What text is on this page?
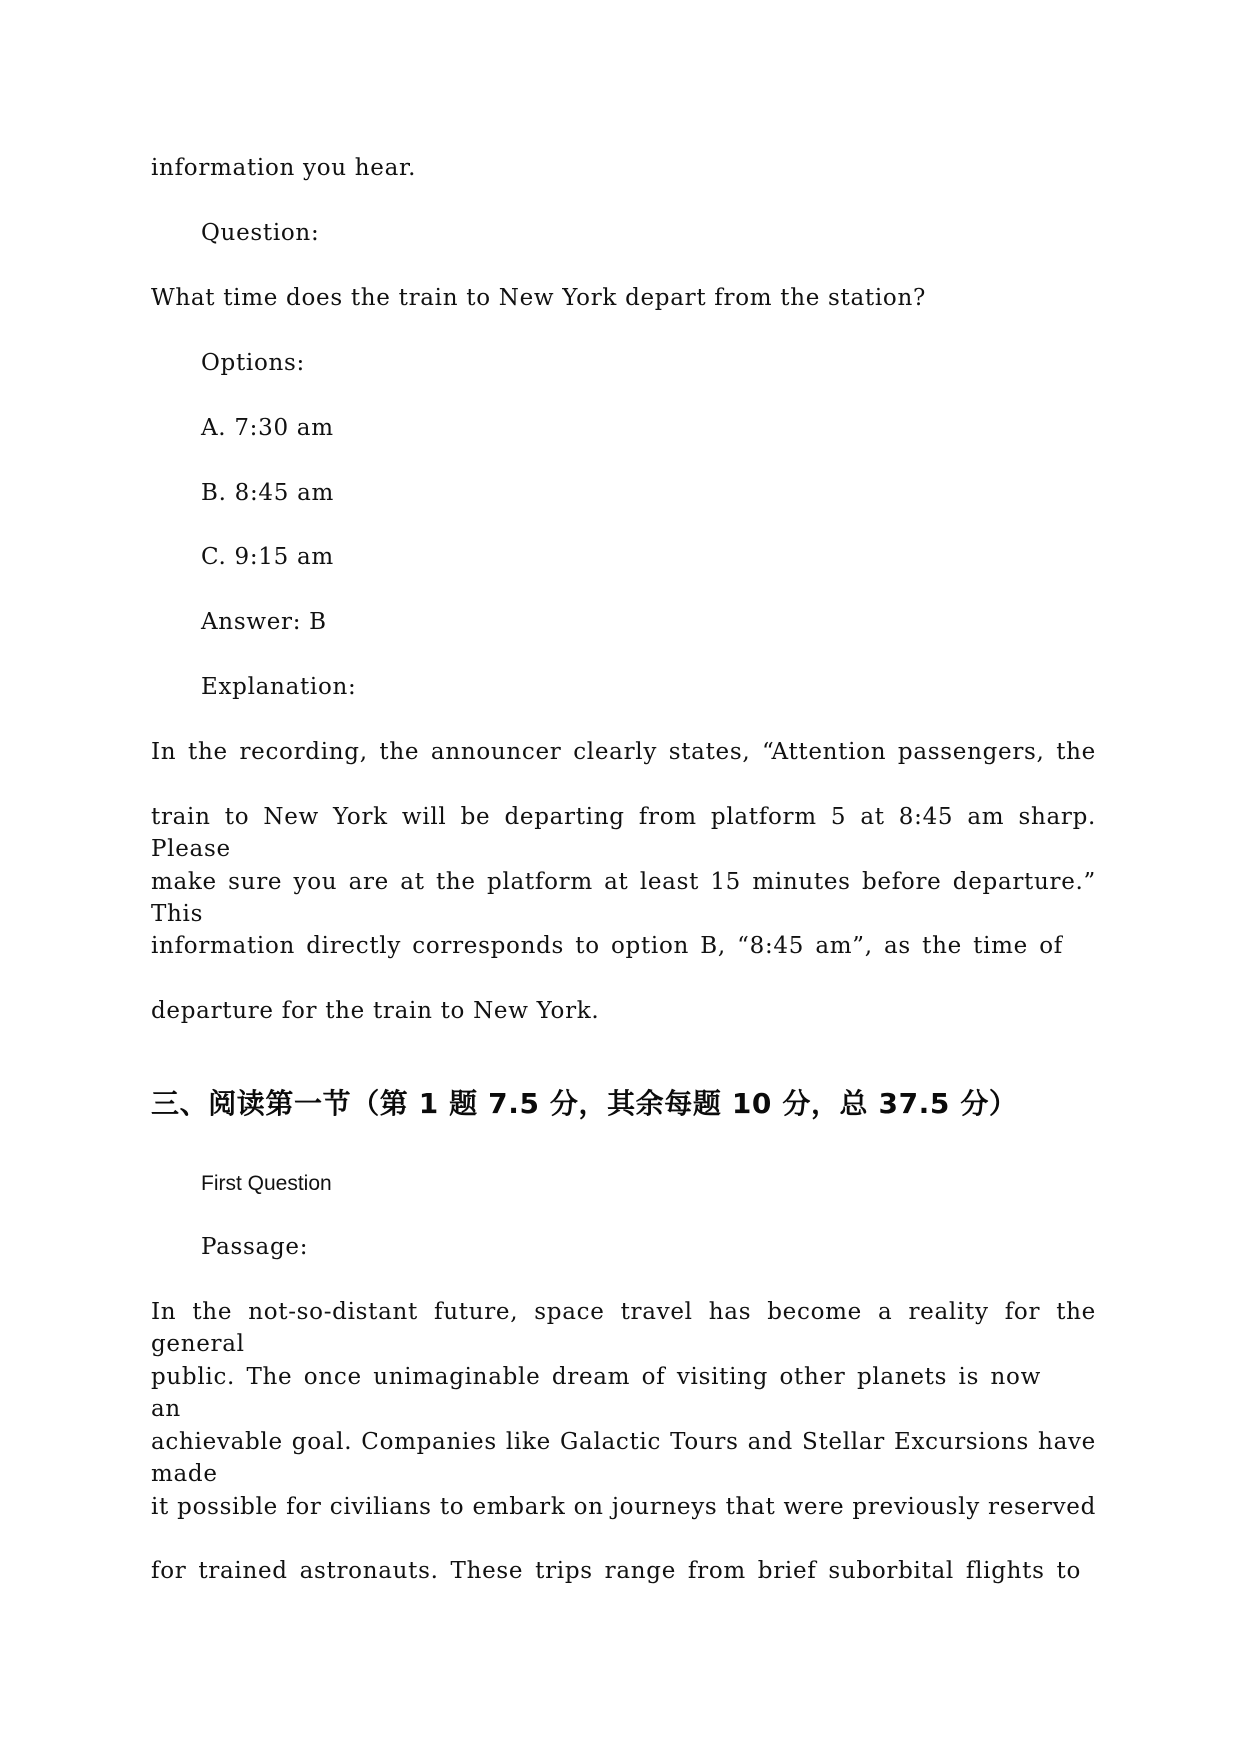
information you hear.
Question:
What time does the train to New York depart from the station?
Options:
A. 7:30 am
B. 8:45 am
C. 9:15 am
Answer: B
Explanation:
In the recording, the announcer clearly states, “Attention passengers, the
train to New York will be departing from platform 5 at 8:45 am sharp. Please
make sure you are at the platform at least 15 minutes before departure.” This
information directly corresponds to option B, “8:45 am”, as the time of
departure for the train to New York.
三、阅读第一节（第 1 题 7.5 分，其余每题 10 分，总 37.5 分）
First Question
Passage:
In the not-so-distant future, space travel has become a reality for the general
public. The once unimaginable dream of visiting other planets is now an
achievable goal. Companies like Galactic Tours and Stellar Excursions have made
it possible for civilians to embark on journeys that were previously reserved
for trained astronauts. These trips range from brief suborbital flights to
